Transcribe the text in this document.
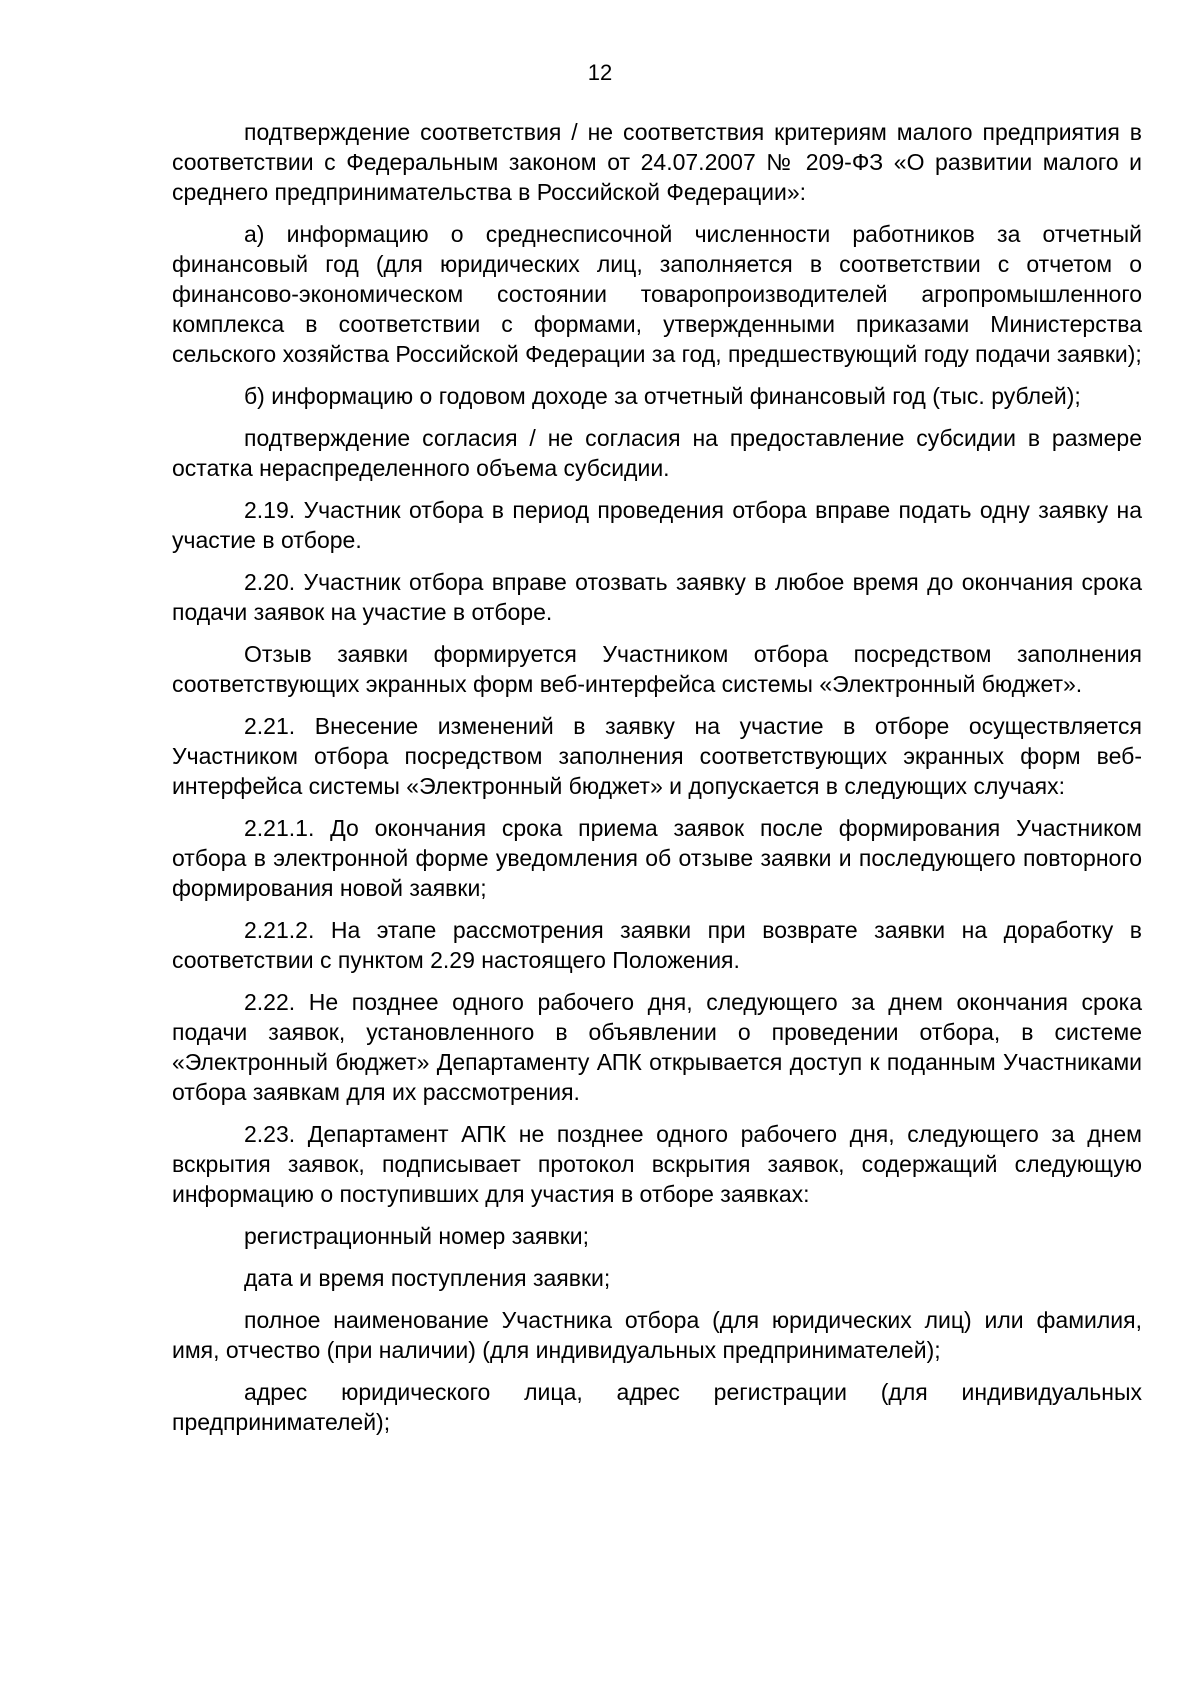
12

подтверждение соответствия / не соответствия критериям малого предприятия в соответствии с Федеральным законом от 24.07.2007 № 209-ФЗ «О развитии малого и среднего предпринимательства в Российской Федерации»:

а) информацию о среднесписочной численности работников за отчетный финансовый год (для юридических лиц, заполняется в соответствии с отчетом о финансово-экономическом состоянии товаропроизводителей агропромышленного комплекса в соответствии с формами, утвержденными приказами Министерства сельского хозяйства Российской Федерации за год, предшествующий году подачи заявки);

б) информацию о годовом доходе за отчетный финансовый год (тыс. рублей);

подтверждение согласия / не согласия на предоставление субсидии в размере остатка нераспределенного объема субсидии.

2.19. Участник отбора в период проведения отбора вправе подать одну заявку на участие в отборе.

2.20. Участник отбора вправе отозвать заявку в любое время до окончания срока подачи заявок на участие в отборе.

Отзыв заявки формируется Участником отбора посредством заполнения соответствующих экранных форм веб-интерфейса системы «Электронный бюджет».

2.21. Внесение изменений в заявку на участие в отборе осуществляется Участником отбора посредством заполнения соответствующих экранных форм веб-интерфейса системы «Электронный бюджет» и допускается в следующих случаях:

2.21.1. До окончания срока приема заявок после формирования Участником отбора в электронной форме уведомления об отзыве заявки и последующего повторного формирования новой заявки;

2.21.2. На этапе рассмотрения заявки при возврате заявки на доработку в соответствии с пунктом 2.29 настоящего Положения.

2.22. Не позднее одного рабочего дня, следующего за днем окончания срока подачи заявок, установленного в объявлении о проведении отбора, в системе «Электронный бюджет» Департаменту АПК открывается доступ к поданным Участниками отбора заявкам для их рассмотрения.

2.23. Департамент АПК не позднее одного рабочего дня, следующего за днем вскрытия заявок, подписывает протокол вскрытия заявок, содержащий следующую информацию о поступивших для участия в отборе заявках:

регистрационный номер заявки;

дата и время поступления заявки;

полное наименование Участника отбора (для юридических лиц) или фамилия, имя, отчество (при наличии) (для индивидуальных предпринимателей);

адрес юридического лица, адрес регистрации (для индивидуальных предпринимателей);
